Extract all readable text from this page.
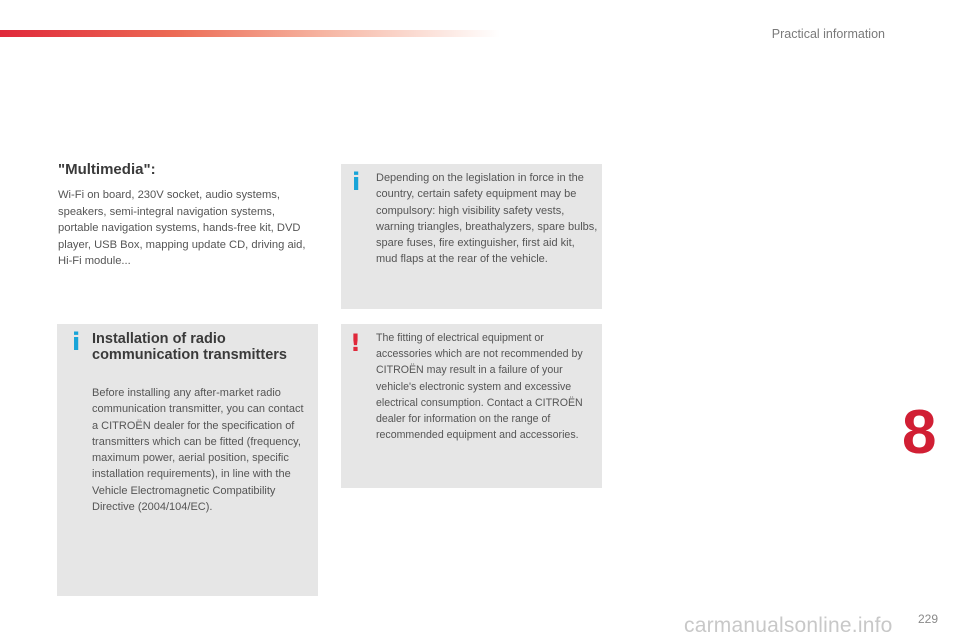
Practical information
"Multimedia":

Wi-Fi on board, 230V socket, audio systems, speakers, semi-integral navigation systems, portable navigation systems, hands-free kit, DVD player, USB Box, mapping update CD, driving aid, Hi-Fi module...

i Depending on the legislation in force in the country, certain safety equipment may be compulsory: high visibility safety vests, warning triangles, breathalyzers, spare bulbs, spare fuses, fire extinguisher, first aid kit, mud flaps at the rear of the vehicle.

i Installation of radio communication transmitters

Before installing any after-market radio communication transmitter, you can contact a CITROËN dealer for the specification of transmitters which can be fitted (frequency, maximum power, aerial position, specific installation requirements), in line with the Vehicle Electromagnetic Compatibility Directive (2004/104/EC).

! The fitting of electrical equipment or accessories which are not recommended by CITROËN may result in a failure of your vehicle's electronic system and excessive electrical consumption. Contact a CITROËN dealer for information on the range of recommended equipment and accessories.	8
229
carmanualsonline.info
